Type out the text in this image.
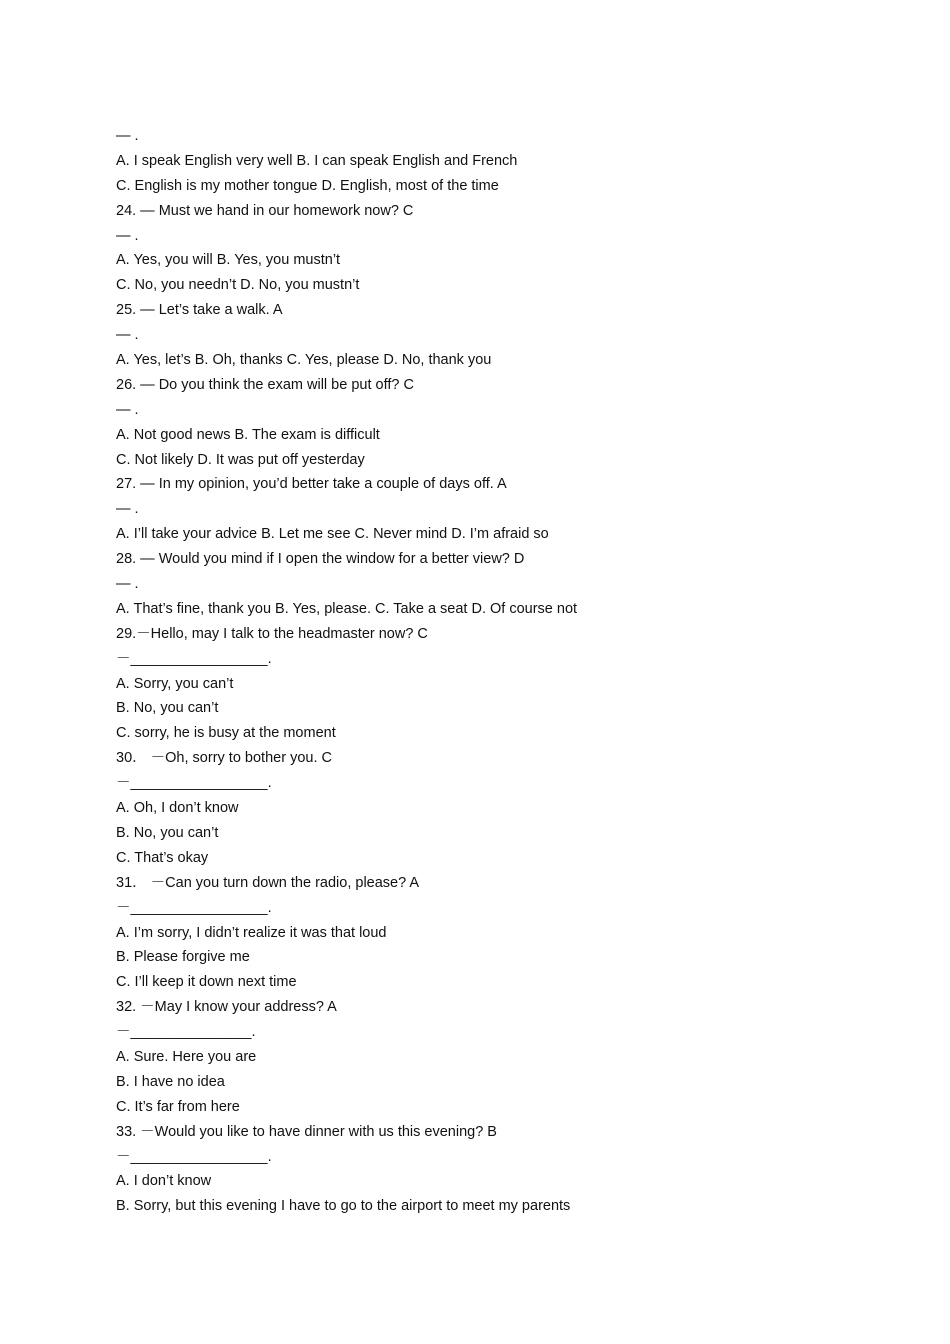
— .
A. I speak English very well B. I can speak English and French
C. English is my mother tongue D. English, most of the time
24. — Must we hand in our homework now? C
— .
A. Yes, you will B. Yes, you mustn’t
C. No, you needn’t D. No, you mustn’t
25. — Let’s take a walk. A
— .
A. Yes, let’s B. Oh, thanks C. Yes, please D. No, thank you
26. — Do you think the exam will be put off? C
— .
A. Not good news B. The exam is difficult
C. Not likely D. It was put off yesterday
27. — In my opinion, you’d better take a couple of days off. A
— .
A. I’ll take your advice B. Let me see C. Never mind D. I’m afraid so
28. — Would you mind if I open the window for a better view? D
— .
A. That’s fine, thank you B. Yes, please. C. Take a seat D. Of course not
29.－Hello, may I talk to the headmaster now? C
－_________________.
A. Sorry, you can’t
B. No, you can’t
C. sorry, he is busy at the moment
30． －Oh, sorry to bother you. C
－_________________.
A. Oh, I don’t know
B. No, you can’t
C. That’s okay
31． －Can you turn down the radio, please? A
－_________________.
A. I’m sorry, I didn’t realize it was that loud
B. Please forgive me
C. I’ll keep it down next time
32. －May I know your address? A
－_______________.
A. Sure. Here you are
B. I have no idea
C. It’s far from here
33. －Would you like to have dinner with us this evening? B
－_________________.
A. I don’t know
B. Sorry, but this evening I have to go to the airport to meet my parents
